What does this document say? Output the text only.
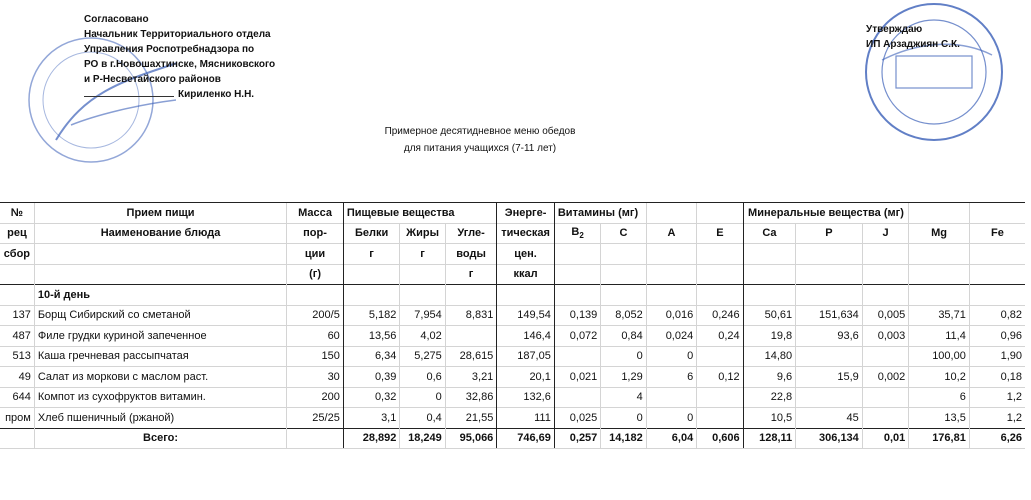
Согласовано
Начальник Территориального отдела
Управления Роспотребнадзора по
РО в г.Новошахтинске, Мясниковского
и Р-Несветайского районов
Кириленко Н.Н.
Утверждаю
ИП Арзаджиян С.К.
Примерное десятидневное меню обедов
для питания учащихся (7-11 лет)
№	Прием пищи	Масса	Пищевые вещества			Энерге-	Витамины (мг)				Минеральные вещества (мг)				
рец	Наименование блюда	пор-	Белки	Жиры	Угле-	тическая	$B_2$	C	A	E	Ca	P	J	Mg	Fe
сбор		ции	г	г	воды	цен.									
		(г)			г	ккал									
	10-й день														
137	Борщ Сибирский со сметаной	200/5	5,182	7,954	8,831	149,54	0,139	8,052	0,016	0,246	50,61	151,634	0,005	35,71	0,82
487	Филе грудки куриной запеченное	60	13,56	4,02		146,4	0,072	0,84	0,024	0,24	19,8	93,6	0,003	11,4	0,96
513	Каша гречневая рассыпчатая	150	6,34	5,275	28,615	187,05		0	0		14,80			100,00	1,90
49	Салат из моркови с маслом раст.	30	0,39	0,6	3,21	20,1	0,021	1,29	6	0,12	9,6	15,9	0,002	10,2	0,18
644	Компот из сухофруктов витамин.	200	0,32	0	32,86	132,6		4			22,8			6	1,2
пром	Хлеб пшеничный (ржаной)	25/25	3,1	0,4	21,55	111	0,025	0	0		10,5	45		13,5	1,2
	Всего:		28,892	18,249	95,066	746,69	0,257	14,182	6,04	0,606	128,11	306,134	0,01	176,81	6,26
